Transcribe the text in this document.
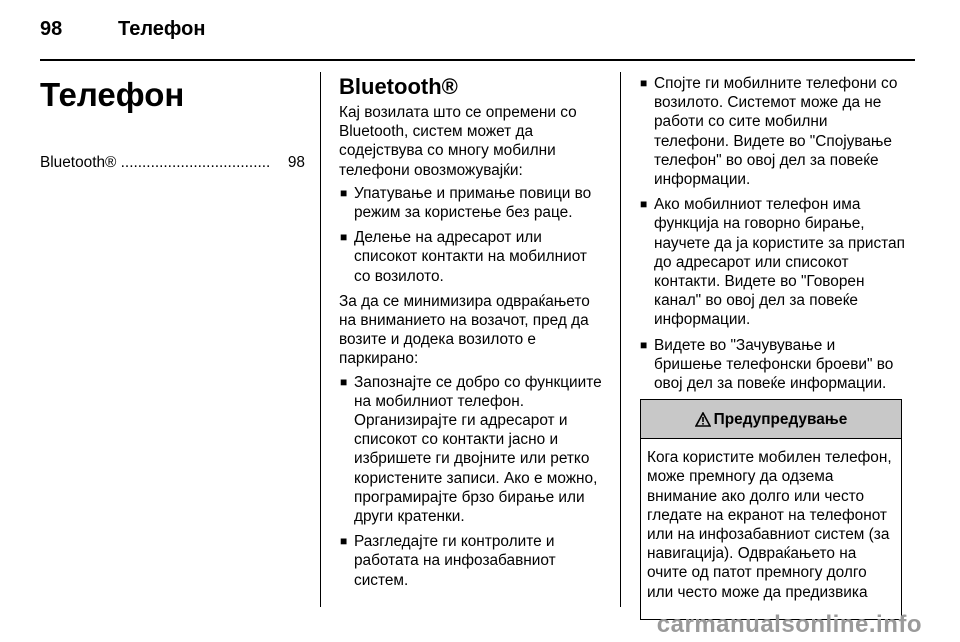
98	Телефон
Телефон
Bluetooth® ................................... 98
Bluetooth®

Кај возилата што се опремени со Bluetooth, систем может да содејствува со многу мобилни телефони овозможувајќи:

■ Упатување и примање повици во режим за користење без раце.
■ Делење на адресарот или списокот контакти на мобилниот со возилото.

За да се минимизира одвраќањето на вниманието на возачот, пред да возите и додека возилото е паркирано:

■ Запознајте се добро со функциите на мобилниот телефон. Организирајте ги адресарот и списокот со контакти јасно и избришете ги двојните или ретко користените записи. Ако е можно, програмирајте брзо бирање или други кратенки.
■ Разгледајте ги контролите и работата на инфозабавниот систем.
■ Спојте ги мобилните телефони со возилото. Системот може да не работи со сите мобилни телефони. Видете во "Спојување телефон" во овој дел за повеќе информации.
■ Ако мобилниот телефон има функција на говорно бирање, научете да ја користите за пристап до адресарот или списокот контакти. Видете во "Говорен канал" во овој дел за повеќе информации.
■ Видете во "Зачувување и бришење телефонски броеви" во овој дел за повеќе информации.
Предупредување
Кога користите мобилен телефон, може премногу да одзема внимание ако долго или често гледате на екранот на телефонот или на инфозабавниот систем (за навигација). Одвраќањето на очите од патот премногу долго или често може да предизвика
carmanualsonline.info
